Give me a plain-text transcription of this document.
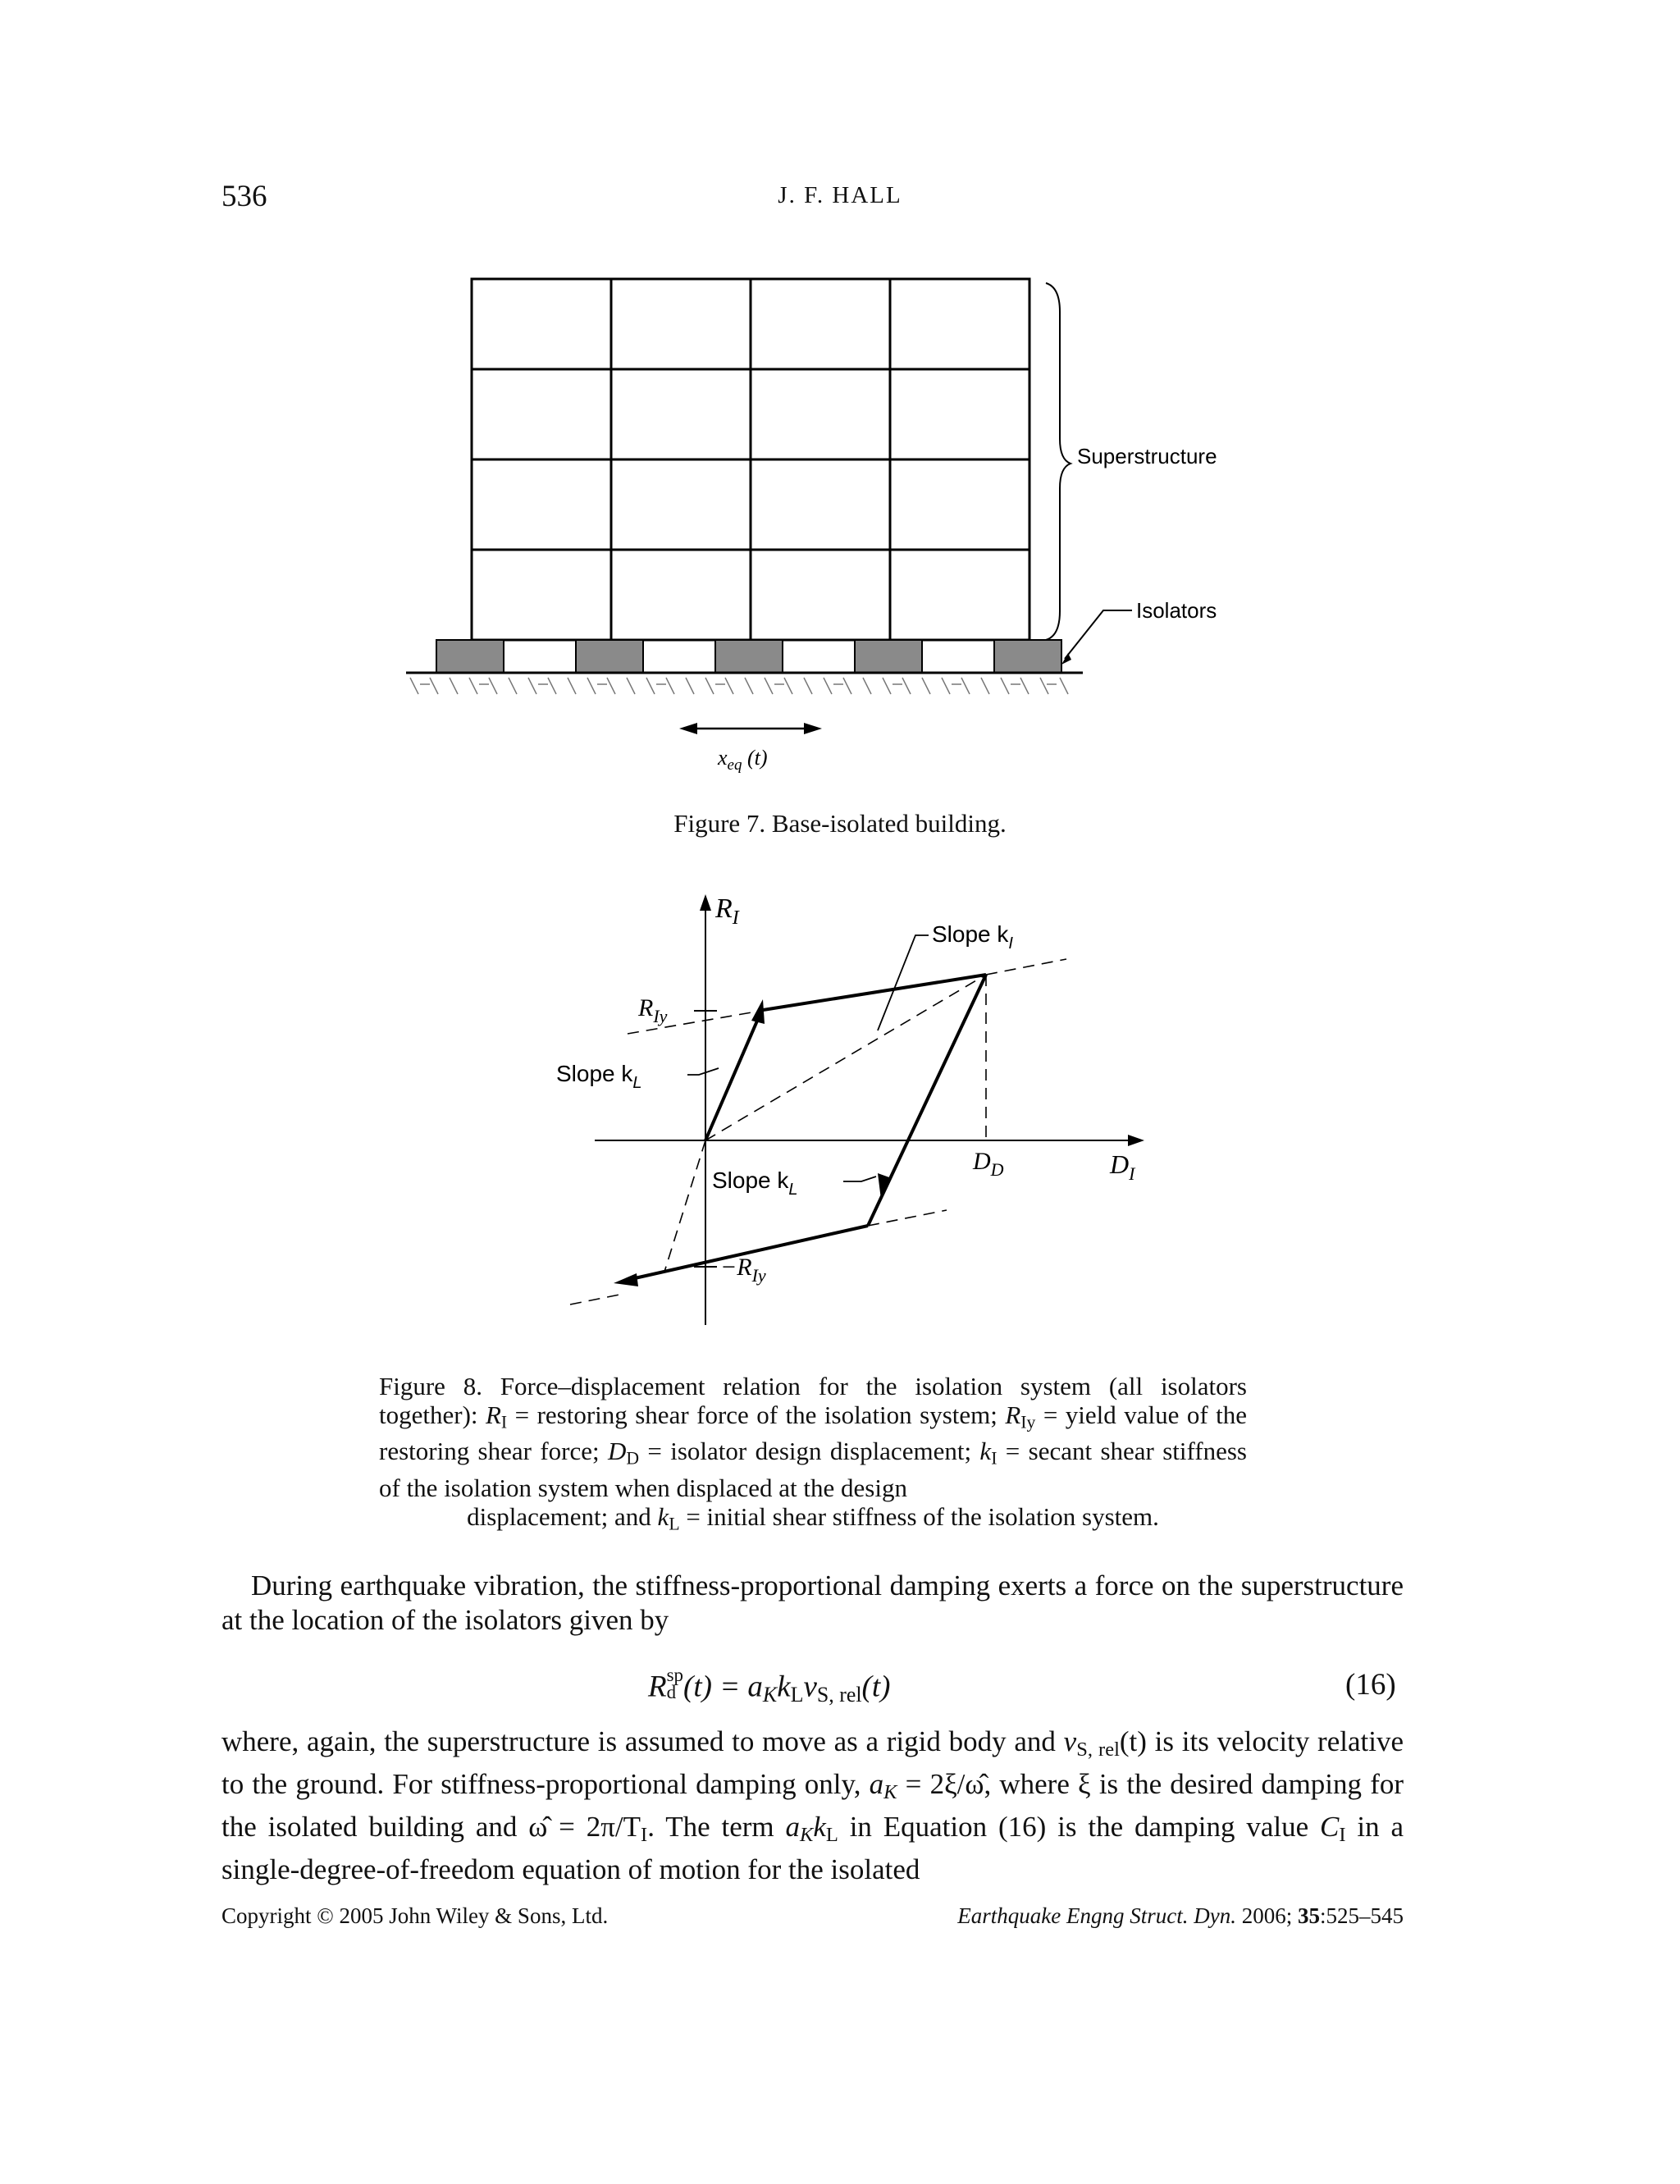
536	J. F. HALL
Superstructure
Isolators
$x_{eq}$ (t)
Figure 7. Base-isolated building.
$R_I$
$D_I$
$R_{Iy}$
$-R_{Iy}$
$D_D$
Slope $k_I$
Slope $k_L$
Slope $k_L$
Figure 8. Force–displacement relation for the isolation system (all isolators together): $R_I$ = restoring shear force of the isolation system; $R_{Iy}$ = yield value of the restoring shear force; $D_D$ = isolator design displacement; $k_I$ = secant shear stiffness of the isolation system when displaced at the design
displacement; and $k_L$ = initial shear stiffness of the isolation system.
During earthquake vibration, the stiffness-proportional damping exerts a force on the superstructure at the location of the isolators given by
R sp
d $(t) = a_Kk_Lv_{S, rel}(t)$	(16)
where, again, the superstructure is assumed to move as a rigid body and $v_{S, rel}(t)$ is its velocity relative to the ground. For stiffness-proportional damping only, $a_K$ = 2ξ/ω̂, where ξ is the desired damping for the isolated building and ω̂ = $2\pi/T_I$. The term $a_Kk_L$ in Equation (16) is the damping value $C_I$ in a single-degree-of-freedom equation of motion for the isolated
Copyright © 2005 John Wiley & Sons, Ltd.	Earthquake Engng Struct. Dyn. 2006; 35:525–545
